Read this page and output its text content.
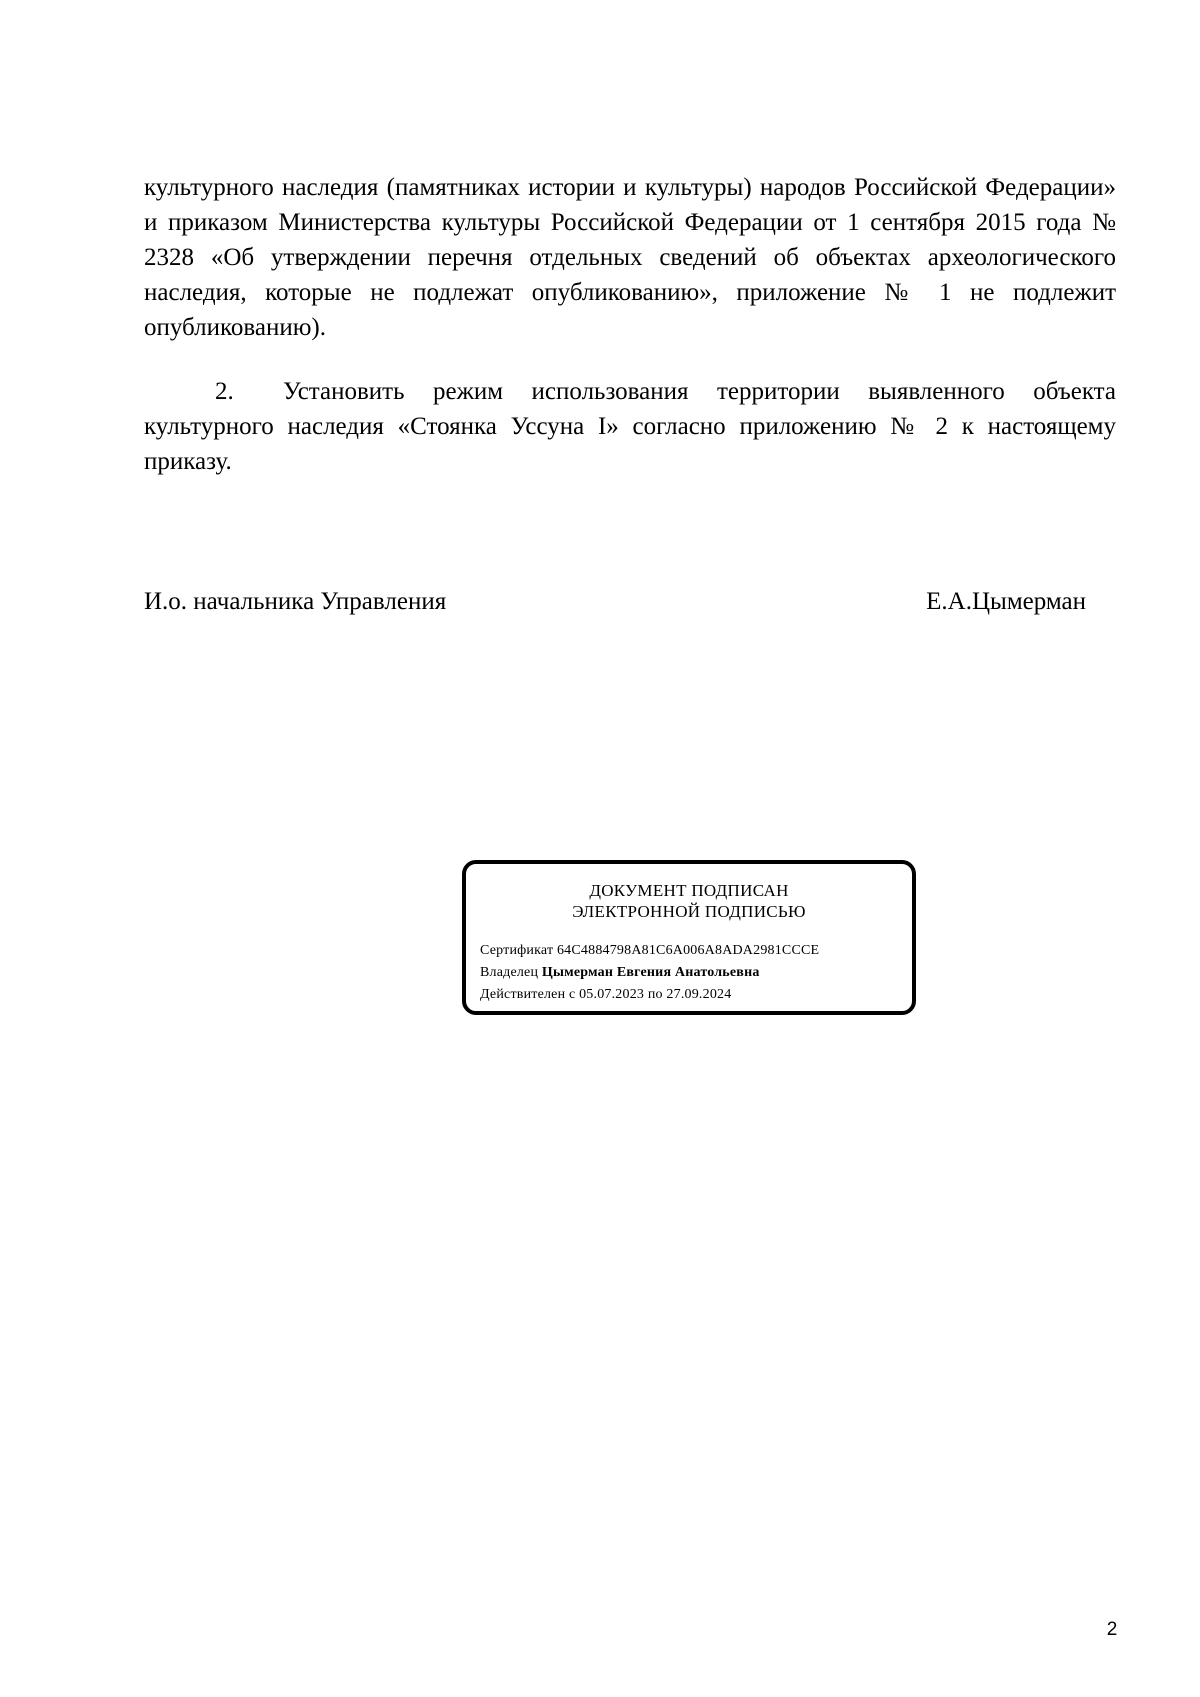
культурного наследия (памятниках истории и культуры) народов Российской Федерации» и приказом Министерства культуры Российской Федерации от 1 сентября 2015 года № 2328 «Об утверждении перечня отдельных сведений об объектах археологического наследия, которые не подлежат опубликованию», приложение № 1 не подлежит опубликованию).

2. Установить режим использования территории выявленного объекта культурного наследия «Стоянка Уссуна I» согласно приложению № 2 к настоящему приказу.

И.о. начальника Управления	Е.А.Цымерман
ДОКУМЕНТ ПОДПИСАН
ЭЛЕКТРОННОЙ ПОДПИСЬЮ
Сертификат 64C4884798A81C6A006A8ADA2981CCCE
Владелец Цымерман Евгения Анатольевна
Действителен с 05.07.2023 по 27.09.2024
2
